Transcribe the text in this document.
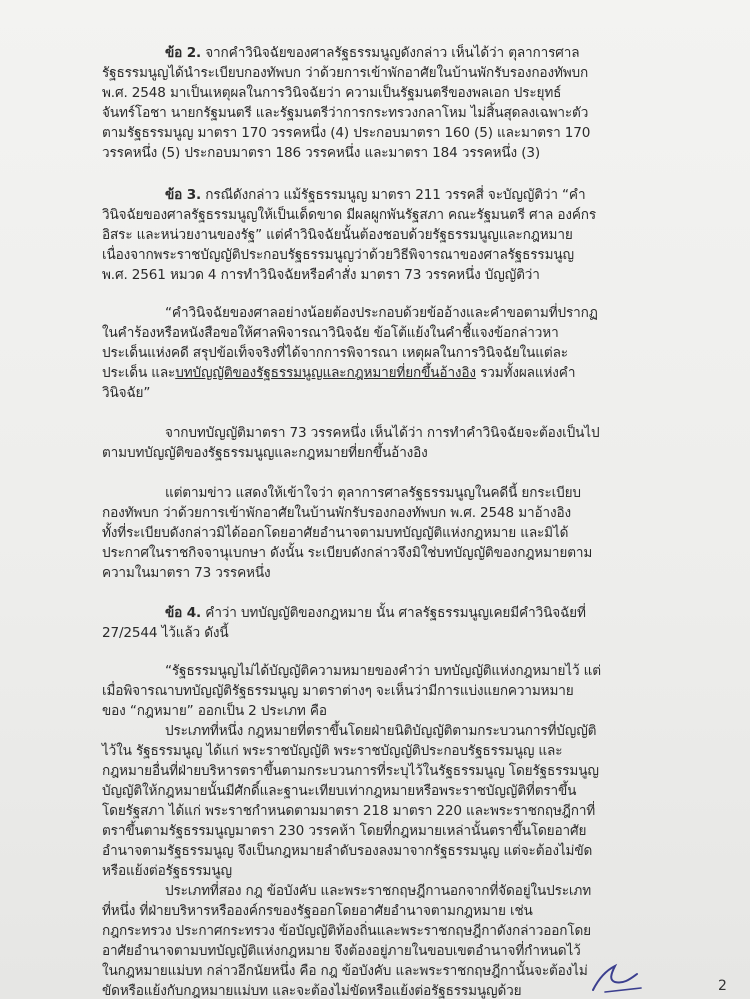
ข้อ 2. จากคำวินิจฉัยของศาลรัฐธรรมนูญดังกล่าว เห็นได้ว่า ตุลาการศาล
รัฐธรรมนูญได้นำระเบียบกองทัพบก ว่าด้วยการเข้าพักอาศัยในบ้านพักรับรองกองทัพบก
พ.ศ. 2548 มาเป็นเหตุผลในการวินิจฉัยว่า ความเป็นรัฐมนตรีของพลเอก ประยุทธ์
จันทร์โอชา นายกรัฐมนตรี และรัฐมนตรีว่าการกระทรวงกลาโหม ไม่สิ้นสุดลงเฉพาะตัว
ตามรัฐธรรมนูญ มาตรา 170 วรรคหนึ่ง (4) ประกอบมาตรา 160 (5) และมาตรา 170
วรรคหนึ่ง (5) ประกอบมาตรา 186 วรรคหนึ่ง และมาตรา 184 วรรคหนึ่ง (3)
ข้อ 3. กรณีดังกล่าว แม้รัฐธรรมนูญ มาตรา 211 วรรคสี่ จะบัญญัติว่า “คำ
วินิจฉัยของศาลรัฐธรรมนูญให้เป็นเด็ดขาด มีผลผูกพันรัฐสภา คณะรัฐมนตรี ศาล องค์กร
อิสระ และหน่วยงานของรัฐ” แต่คำวินิจฉัยนั้นต้องชอบด้วยรัฐธรรมนูญและกฎหมาย
เนื่องจากพระราชบัญญัติประกอบรัฐธรรมนูญว่าด้วยวิธีพิจารณาของศาลรัฐธรรมนูญ
พ.ศ. 2561 หมวด 4 การทำวินิจฉัยหรือคำสั่ง มาตรา 73 วรรคหนึ่ง บัญญัติว่า
“คำวินิจฉัยของศาลอย่างน้อยต้องประกอบด้วยข้ออ้างและคำขอตามที่ปรากฏ
ในคำร้องหรือหนังสือขอให้ศาลพิจารณาวินิจฉัย ข้อโต้แย้งในคำชี้แจงข้อกล่าวหา
ประเด็นแห่งคดี สรุปข้อเท็จจริงที่ได้จากการพิจารณา เหตุผลในการวินิจฉัยในแต่ละ
ประเด็น และบทบัญญัติของรัฐธรรมนูญและกฎหมายที่ยกขึ้นอ้างอิง รวมทั้งผลแห่งคำ
วินิจฉัย”
จากบทบัญญัติมาตรา 73 วรรคหนึ่ง เห็นได้ว่า การทำคำวินิจฉัยจะต้องเป็นไป
ตามบทบัญญัติของรัฐธรรมนูญและกฎหมายที่ยกขึ้นอ้างอิง
แต่ตามข่าว แสดงให้เข้าใจว่า ตุลาการศาลรัฐธรรมนูญในคดีนี้ ยกระเบียบ
กองทัพบก ว่าด้วยการเข้าพักอาศัยในบ้านพักรับรองกองทัพบก พ.ศ. 2548 มาอ้างอิง
ทั้งที่ระเบียบดังกล่าวมิได้ออกโดยอาศัยอำนาจตามบทบัญญัติแห่งกฎหมาย และมิได้
ประกาศในราชกิจจานุเบกษา ดังนั้น ระเบียบดังกล่าวจึงมิใช่บทบัญญัติของกฎหมายตาม
ความในมาตรา 73 วรรคหนึ่ง
ข้อ 4. คำว่า บทบัญญัติของกฎหมาย นั้น ศาลรัฐธรรมนูญเคยมีคำวินิจฉัยที่
27/2544 ไว้แล้ว ดังนี้
“รัฐธรรมนูญไม่ได้บัญญัติความหมายของคำว่า บทบัญญัติแห่งกฎหมายไว้ แต่
เมื่อพิจารณาบทบัญญัติรัฐธรรมนูญ มาตราต่างๆ จะเห็นว่ามีการแบ่งแยกความหมาย
ของ “กฎหมาย” ออกเป็น 2 ประเภท คือ
ประเภทที่หนึ่ง กฎหมายที่ตราขึ้นโดยฝ่ายนิติบัญญัติตามกระบวนการที่บัญญัติ
ไว้ใน รัฐธรรมนูญ ได้แก่ พระราชบัญญัติ พระราชบัญญัติประกอบรัฐธรรมนูญ และ
กฎหมายอื่นที่ฝ่ายบริหารตราขึ้นตามกระบวนการที่ระบุไว้ในรัฐธรรมนูญ โดยรัฐธรรมนูญ
บัญญัติให้กฎหมายนั้นมีศักดิ์และฐานะเทียบเท่ากฎหมายหรือพระราชบัญญัติที่ตราขึ้น
โดยรัฐสภา ได้แก่ พระราชกำหนดตามมาตรา 218 มาตรา 220 และพระราชกฤษฎีกาที่
ตราขึ้นตามรัฐธรรมนูญมาตรา 230 วรรคห้า โดยที่กฎหมายเหล่านั้นตราขึ้นโดยอาศัย
อำนาจตามรัฐธรรมนูญ จึงเป็นกฎหมายลำดับรองลงมาจากรัฐธรรมนูญ แต่จะต้องไม่ขัด
หรือแย้งต่อรัฐธรรมนูญ
ประเภทที่สอง กฎ ข้อบังคับ และพระราชกฤษฎีกานอกจากที่จัดอยู่ในประเภท
ที่หนึ่ง ที่ฝ่ายบริหารหรือองค์กรของรัฐออกโดยอาศัยอำนาจตามกฎหมาย เช่น
กฎกระทรวง ประกาศกระทรวง ข้อบัญญัติท้องถิ่นและพระราชกฤษฎีกาดังกล่าวออกโดย
อาศัยอำนาจตามบทบัญญัติแห่งกฎหมาย จึงต้องอยู่ภายในขอบเขตอำนาจที่กำหนดไว้
ในกฎหมายแม่บท กล่าวอีกนัยหนึ่ง คือ กฎ ข้อบังคับ และพระราชกฤษฎีกานั้นจะต้องไม่
ขัดหรือแย้งกับกฎหมายแม่บท และจะต้องไม่ขัดหรือแย้งต่อรัฐธรรมนูญด้วย	2
